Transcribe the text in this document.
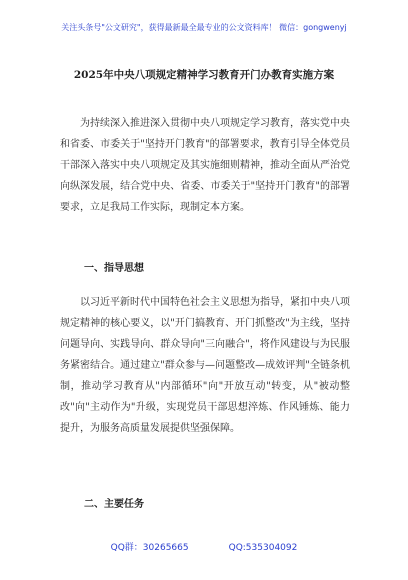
关注头条号"公文研究"，获得最新最全最专业的公文资料库！ 微信：gongwenyj
2025年中央八项规定精神学习教育开门办教育实施方案

为持续深入推进深入贯彻中央八项规定学习教育，落实党中央和省委、市委关于"坚持开门教育"的部署要求，教育引导全体党员干部深入落实中央八项规定及其实施细则精神，推动全面从严治党向纵深发展，结合党中央、省委、市委关于"坚持开门教育"的部署要求，立足我局工作实际，现制定本方案。

一、指导思想

以习近平新时代中国特色社会主义思想为指导，紧扣中央八项规定精神的核心要义，以"开门搞教育、开门抓整改"为主线，坚持问题导向、实践导向、群众导向"三向融合"，将作风建设与为民服务紧密结合。通过建立"群众参与—问题整改—成效评判"全链条机制，推动学习教育从"内部循环"向"开放互动"转变，从"被动整改"向"主动作为"升级，实现党员干部思想淬炼、作风锤炼、能力提升，为服务高质量发展提供坚强保障。

二、主要任务
QQ群：30265665	QQ:535304092
